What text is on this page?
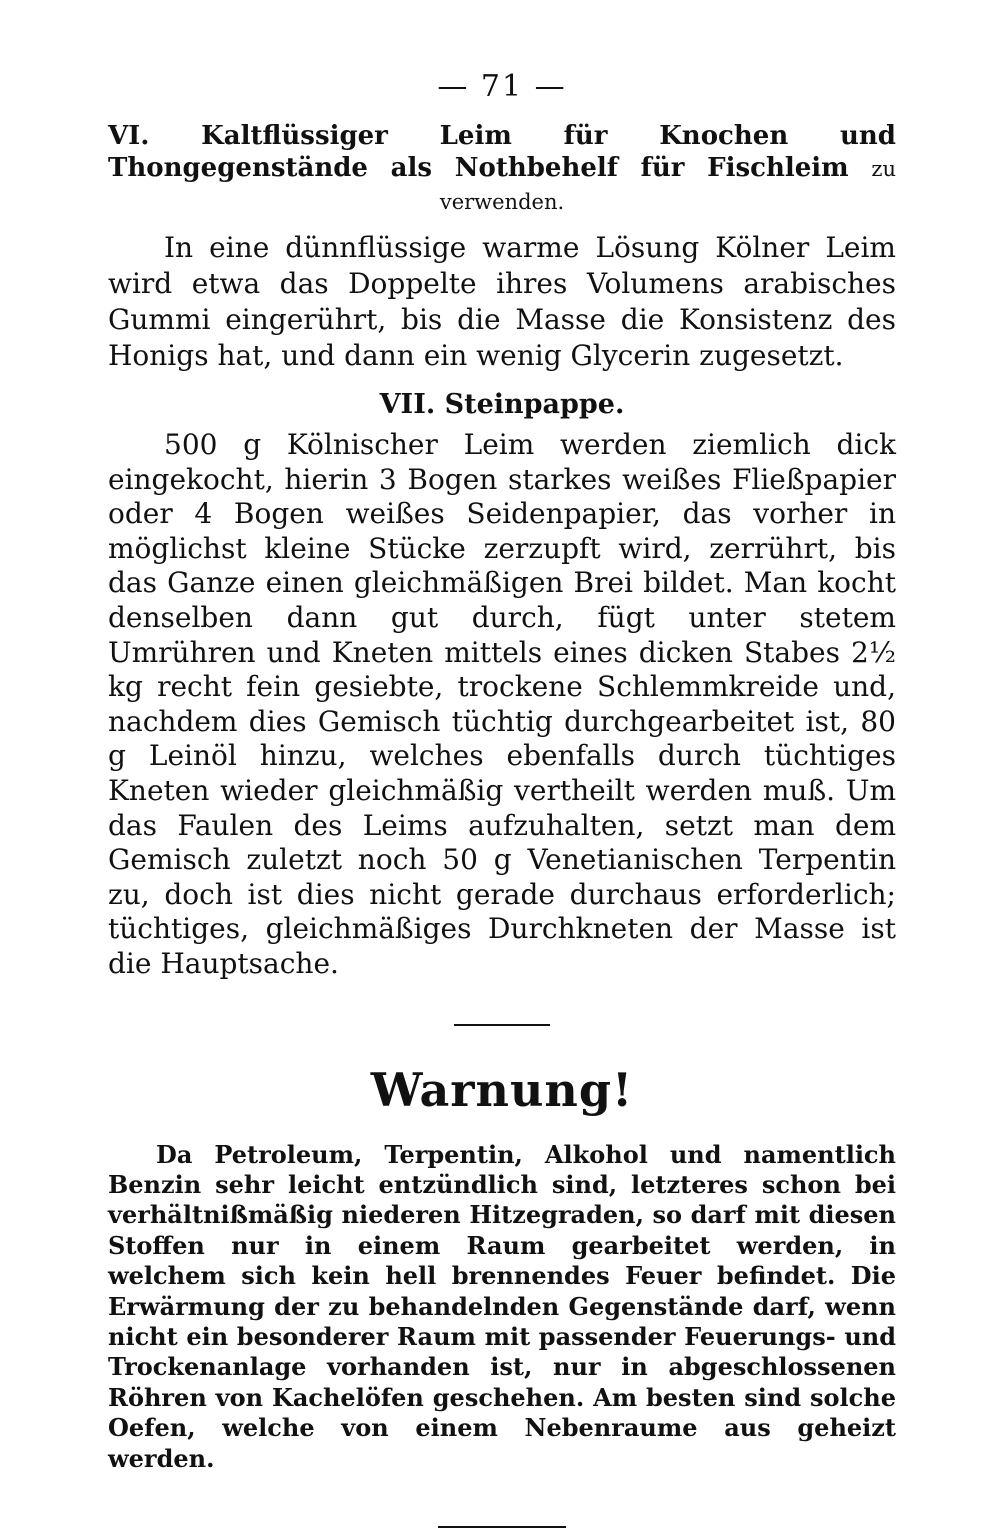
— 71 —
VI. Kaltflüssiger Leim für Knochen und Thongegenstände als Nothbehelf für Fischleim zu verwenden.

In eine dünnflüssige warme Lösung Kölner Leim wird etwa das Doppelte ihres Volumens arabisches Gummi eingerührt, bis die Masse die Konsistenz des Honigs hat, und dann ein wenig Glycerin zugesetzt.

VII. Steinpappe.

500 g Kölnischer Leim werden ziemlich dick eingekocht, hierin 3 Bogen starkes weißes Fließpapier oder 4 Bogen weißes Seidenpapier, das vorher in möglichst kleine Stücke zerzupft wird, zerrührt, bis das Ganze einen gleichmäßigen Brei bildet. Man kocht denselben dann gut durch, fügt unter stetem Umrühren und Kneten mittels eines dicken Stabes 2½ kg recht fein gesiebte, trockene Schlemmkreide und, nachdem dies Gemisch tüchtig durchgearbeitet ist, 80 g Leinöl hinzu, welches ebenfalls durch tüchtiges Kneten wieder gleichmäßig vertheilt werden muß. Um das Faulen des Leims aufzuhalten, setzt man dem Gemisch zuletzt noch 50 g Venetianischen Terpentin zu, doch ist dies nicht gerade durchaus erforderlich; tüchtiges, gleichmäßiges Durchkneten der Masse ist die Hauptsache.

Warnung!

Da Petroleum, Terpentin, Alkohol und namentlich Benzin sehr leicht entzündlich sind, letzteres schon bei verhältnißmäßig niederen Hitzegraden, so darf mit diesen Stoffen nur in einem Raum gearbeitet werden, in welchem sich kein hell brennendes Feuer befindet. Die Erwärmung der zu behandelnden Gegenstände darf, wenn nicht ein besonderer Raum mit passender Feuerungs- und Trockenanlage vorhanden ist, nur in abgeschlossenen Röhren von Kachelöfen geschehen. Am besten sind solche Oefen, welche von einem Nebenraume aus geheizt werden.
